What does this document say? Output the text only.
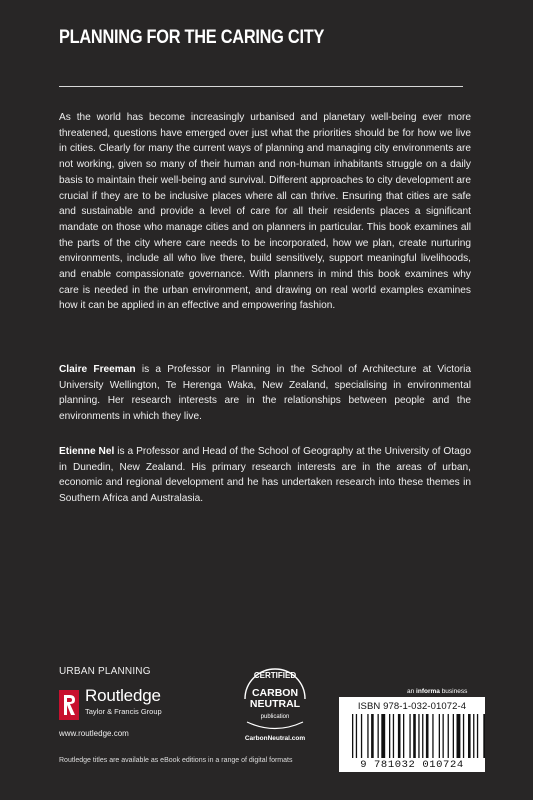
PLANNING FOR THE CARING CITY
As the world has become increasingly urbanised and planetary well-being ever more threatened, questions have emerged over just what the priorities should be for how we live in cities. Clearly for many the current ways of planning and managing city environments are not working, given so many of their human and non-human inhabitants struggle on a daily basis to maintain their well-being and survival. Different approaches to city development are crucial if they are to be inclusive places where all can thrive. Ensuring that cities are safe and sustainable and provide a level of care for all their residents places a significant mandate on those who manage cities and on planners in particular. This book examines all the parts of the city where care needs to be incorporated, how we plan, create nurturing environments, include all who live there, build sensitively, support meaningful livelihoods, and enable compassionate governance. With planners in mind this book examines why care is needed in the urban environment, and drawing on real world examples examines how it can be applied in an effective and empowering fashion.
Claire Freeman is a Professor in Planning in the School of Architecture at Victoria University Wellington, Te Herenga Waka, New Zealand, specialising in environmental planning. Her research interests are in the relationships between people and the environments in which they live.
Etienne Nel is a Professor and Head of the School of Geography at the University of Otago in Dunedin, New Zealand. His primary research interests are in the areas of urban, economic and regional development and he has undertaken research into these themes in Southern Africa and Australasia.
URBAN PLANNING
Routledge
Taylor & Francis Group
www.routledge.com
CERTIFIED
CARBON
NEUTRAL
publication
CarbonNeutral.com
an informa business
ISBN 978-1-032-01072-4
9 781032 010724
Routledge titles are available as eBook editions in a range of digital formats
